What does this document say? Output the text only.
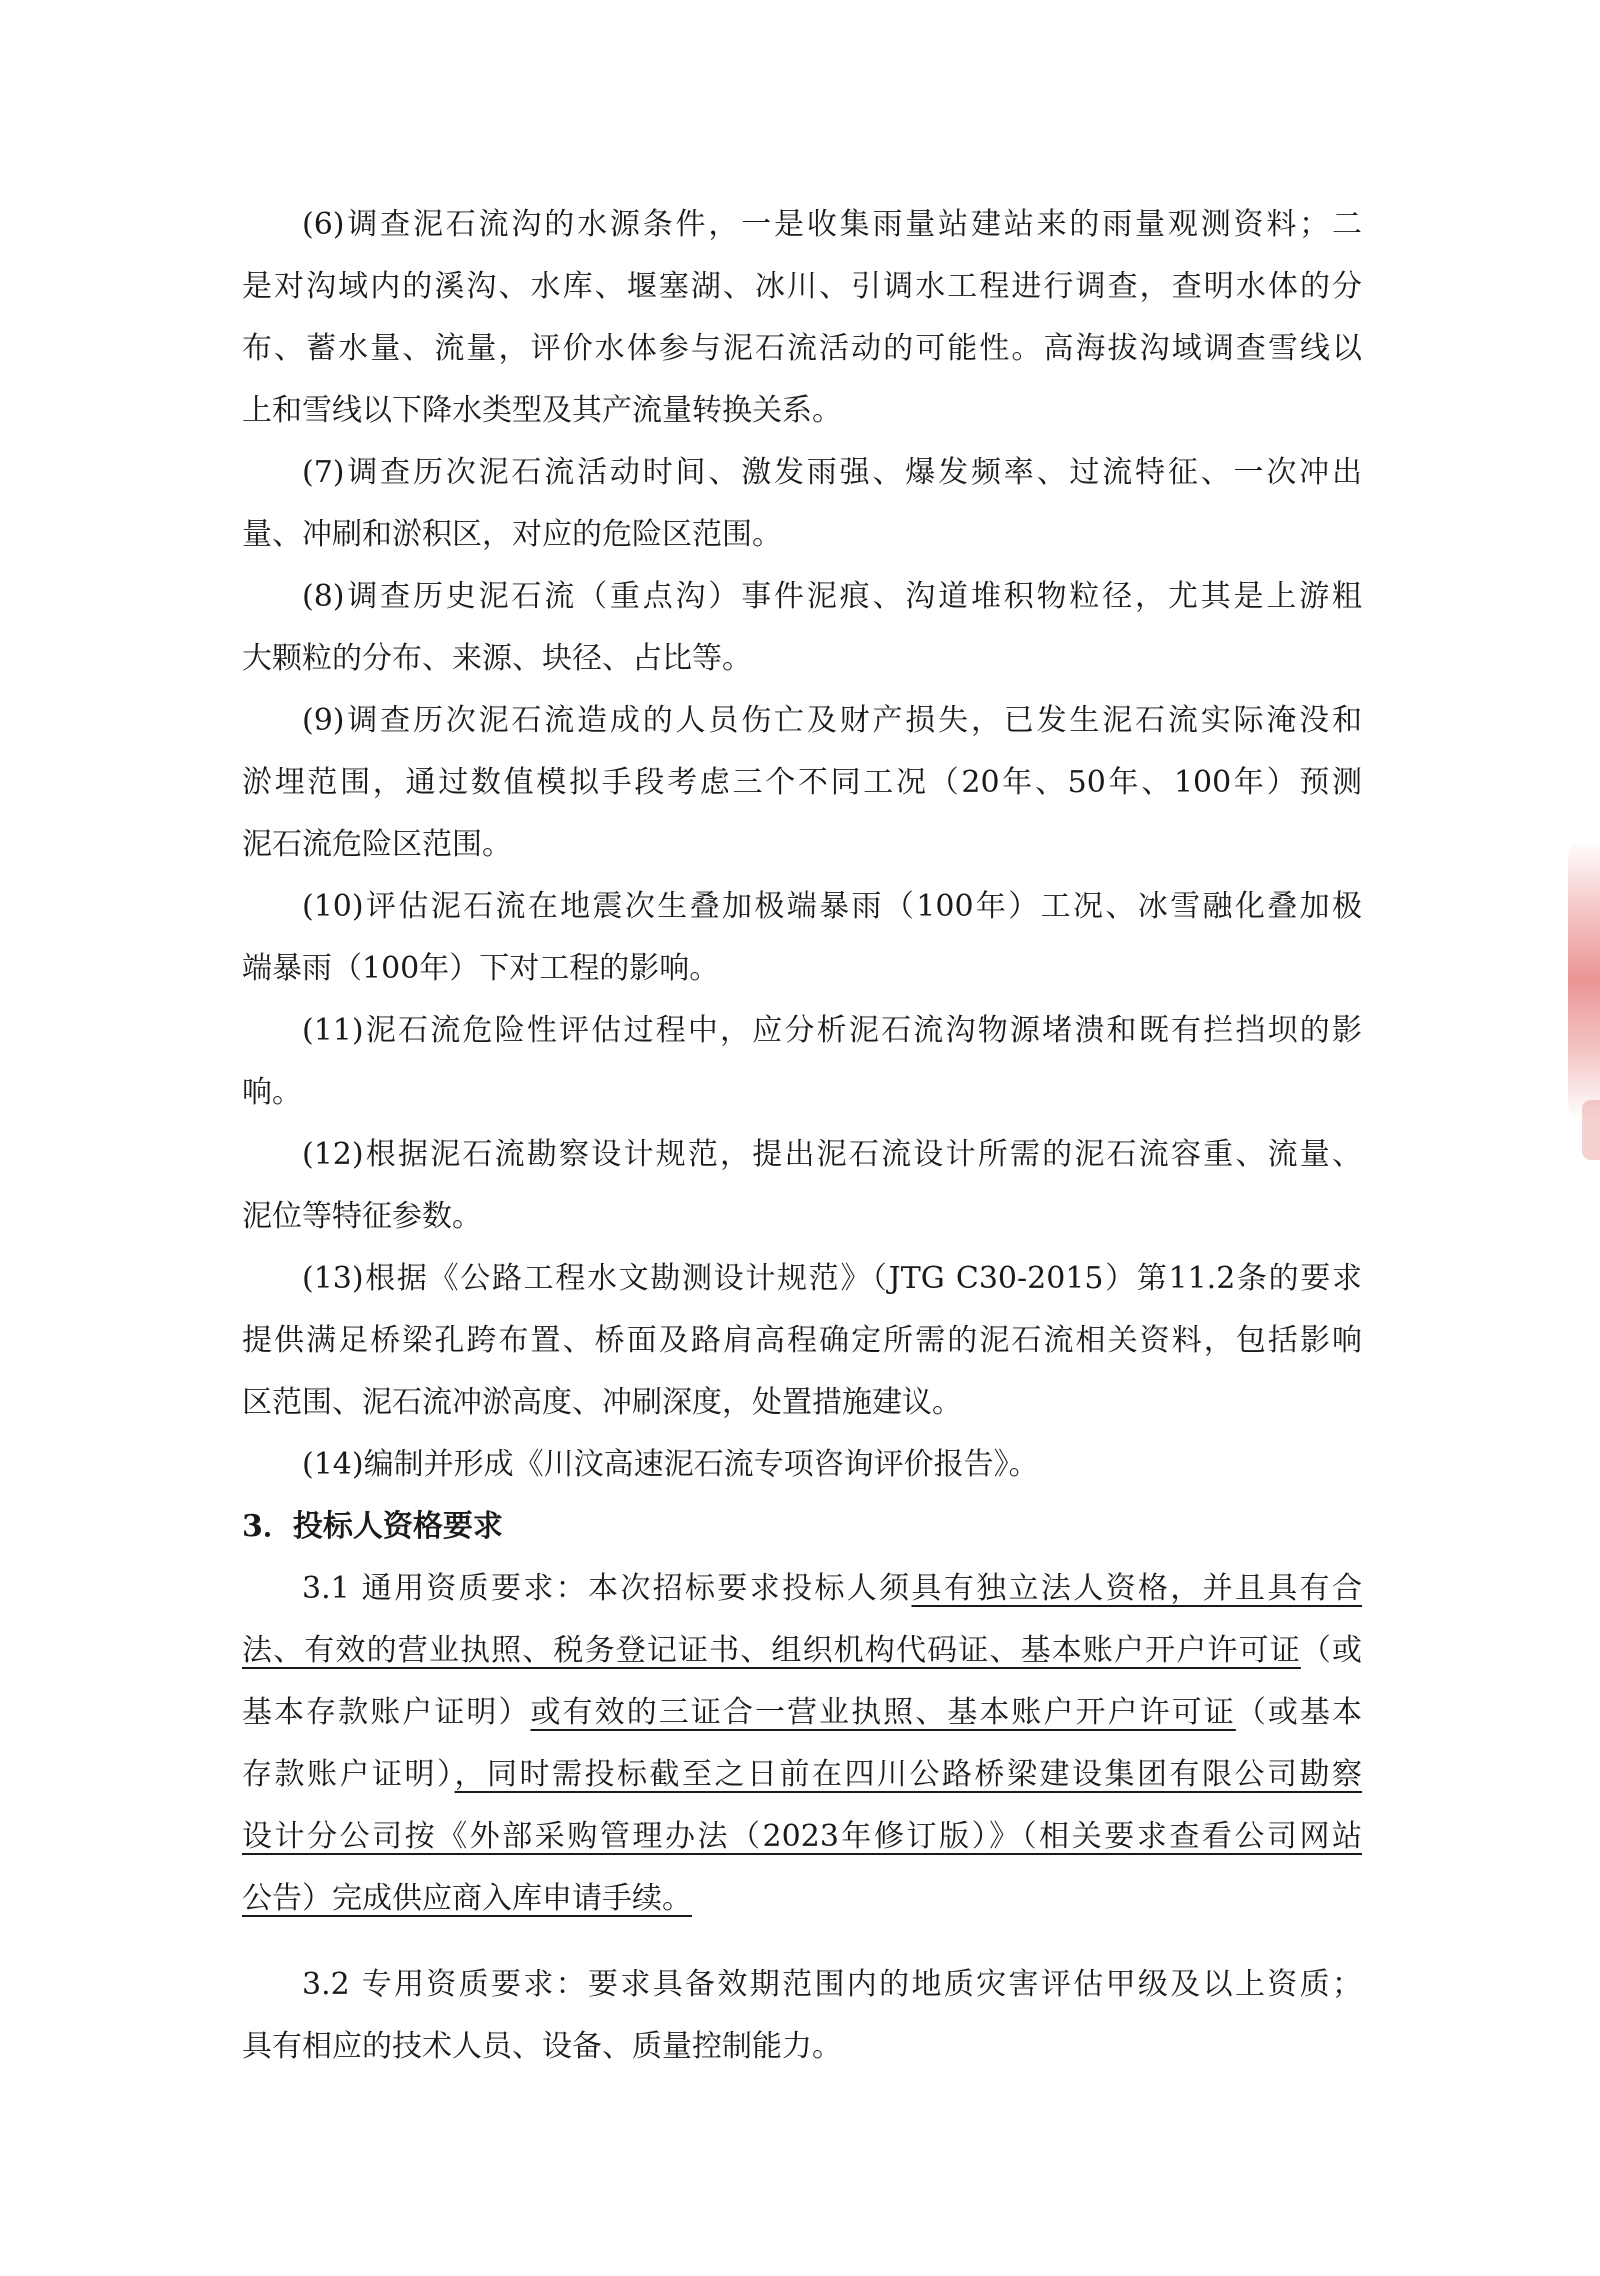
(6)调查泥石流沟的水源条件，一是收集雨量站建站来的雨量观测资料；二
是对沟域内的溪沟、水库、堰塞湖、冰川、引调水工程进行调查，查明水体的分
布、蓄水量、流量，评价水体参与泥石流活动的可能性。高海拔沟域调查雪线以
上和雪线以下降水类型及其产流量转换关系。
(7)调查历次泥石流活动时间、激发雨强、爆发频率、过流特征、一次冲出
量、冲刷和淤积区，对应的危险区范围。
(8)调查历史泥石流（重点沟）事件泥痕、沟道堆积物粒径，尤其是上游粗
大颗粒的分布、来源、块径、占比等。
(9)调查历次泥石流造成的人员伤亡及财产损失，已发生泥石流实际淹没和
淤埋范围，通过数值模拟手段考虑三个不同工况（20年、50年、100年）预测
泥石流危险区范围。
(10)评估泥石流在地震次生叠加极端暴雨（100年）工况、冰雪融化叠加极
端暴雨（100年）下对工程的影响。
(11)泥石流危险性评估过程中，应分析泥石流沟物源堵溃和既有拦挡坝的影
响。
(12)根据泥石流勘察设计规范，提出泥石流设计所需的泥石流容重、流量、
泥位等特征参数。
(13)根据《公路工程水文勘测设计规范》（JTG C30-2015）第11.2条的要求
提供满足桥梁孔跨布置、桥面及路肩高程确定所需的泥石流相关资料，包括影响
区范围、泥石流冲淤高度、冲刷深度，处置措施建议。
(14)编制并形成《川汶高速泥石流专项咨询评价报告》。
3．投标人资格要求
3.1 通用资质要求：本次招标要求投标人须具有独立法人资格，并且具有合
法、有效的营业执照、税务登记证书、组织机构代码证、基本账户开户许可证（或
基本存款账户证明）或有效的三证合一营业执照、基本账户开户许可证（或基本
存款账户证明），同时需投标截至之日前在四川公路桥梁建设集团有限公司勘察
设计分公司按《外部采购管理办法（2023年修订版）》（相关要求查看公司网站
公告）完成供应商入库申请手续。
3.2 专用资质要求：要求具备效期范围内的地质灾害评估甲级及以上资质；
具有相应的技术人员、设备、质量控制能力。
